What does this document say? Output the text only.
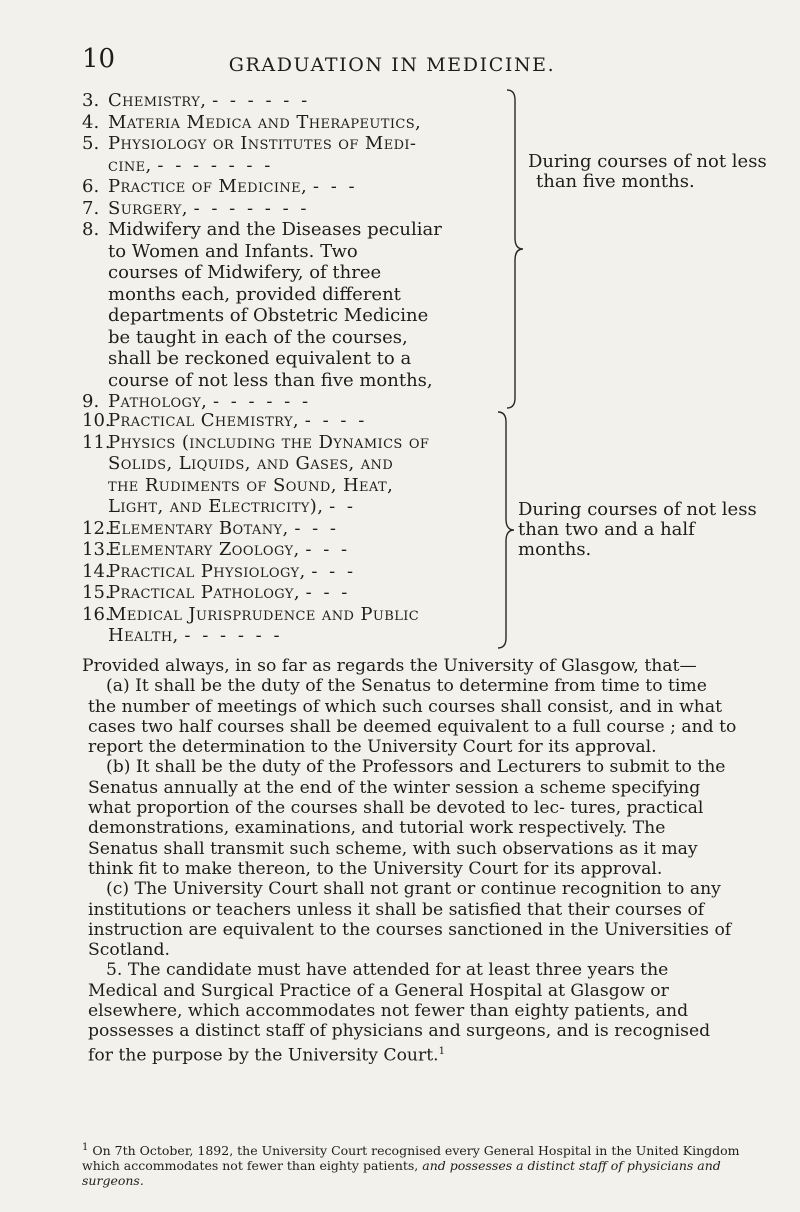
10	GRADUATION IN MEDICINE.
3. Chemistry, - - - - - -
4. Materia Medica and Therapeutics,
5. Physiology or Institutes of Medi-
cine, - - - - - - -
6. Practice of Medicine, - - -
7. Surgery, - - - - - - -
8. Midwifery and the Diseases peculiar
to Women and Infants. Two
courses of Midwifery, of three
months each, provided different
departments of Obstetric Medicine
be taught in each of the courses,
shall be reckoned equivalent to a
course of not less than five months,
9. Pathology, - - - - - -
During courses of not less
than five months.
10.
Practical Chemistry, - - - -
11.
Physics (including the Dynamics of
Solids, Liquids, and Gases, and
the Rudiments of Sound, Heat,
Light, and Electricity), - -
12.
Elementary Botany, - - -
13.
Elementary Zoology, - - -
14.
Practical Physiology, - - -
15.
Practical Pathology, - - -
16.
Medical Jurisprudence and Public
Health, - - - - - -
During courses of not less
than two and a half
months.

Provided always, in so far as regards the University of Glasgow, that—

(a) It shall be the duty of the Senatus to determine from time to time the number of meetings of which such courses shall consist, and in what cases two half courses shall be deemed equivalent to a full course ; and to report the determination to the University Court for its approval.

(b) It shall be the duty of the Professors and Lecturers to submit to the Senatus annually at the end of the winter session a scheme specifying what proportion of the courses shall be devoted to lec- tures, practical demonstrations, examinations, and tutorial work respectively. The Senatus shall transmit such scheme, with such observations as it may think fit to make thereon, to the University Court for its approval.

(c) The University Court shall not grant or continue recognition to any institutions or teachers unless it shall be satisfied that their courses of instruction are equivalent to the courses sanctioned in the Universities of Scotland.

5. The candidate must have attended for at least three years the Medical and Surgical Practice of a General Hospital at Glasgow or elsewhere, which accommodates not fewer than eighty patients, and possesses a distinct staff of physicians and surgeons, and is recognised for the purpose by the University Court.$^1$

$^1$ On 7th October, 1892, the University Court recognised every General Hospital in the United Kingdom which accommodates not fewer than eighty patients, and possesses a distinct staff of physicians and surgeons.
